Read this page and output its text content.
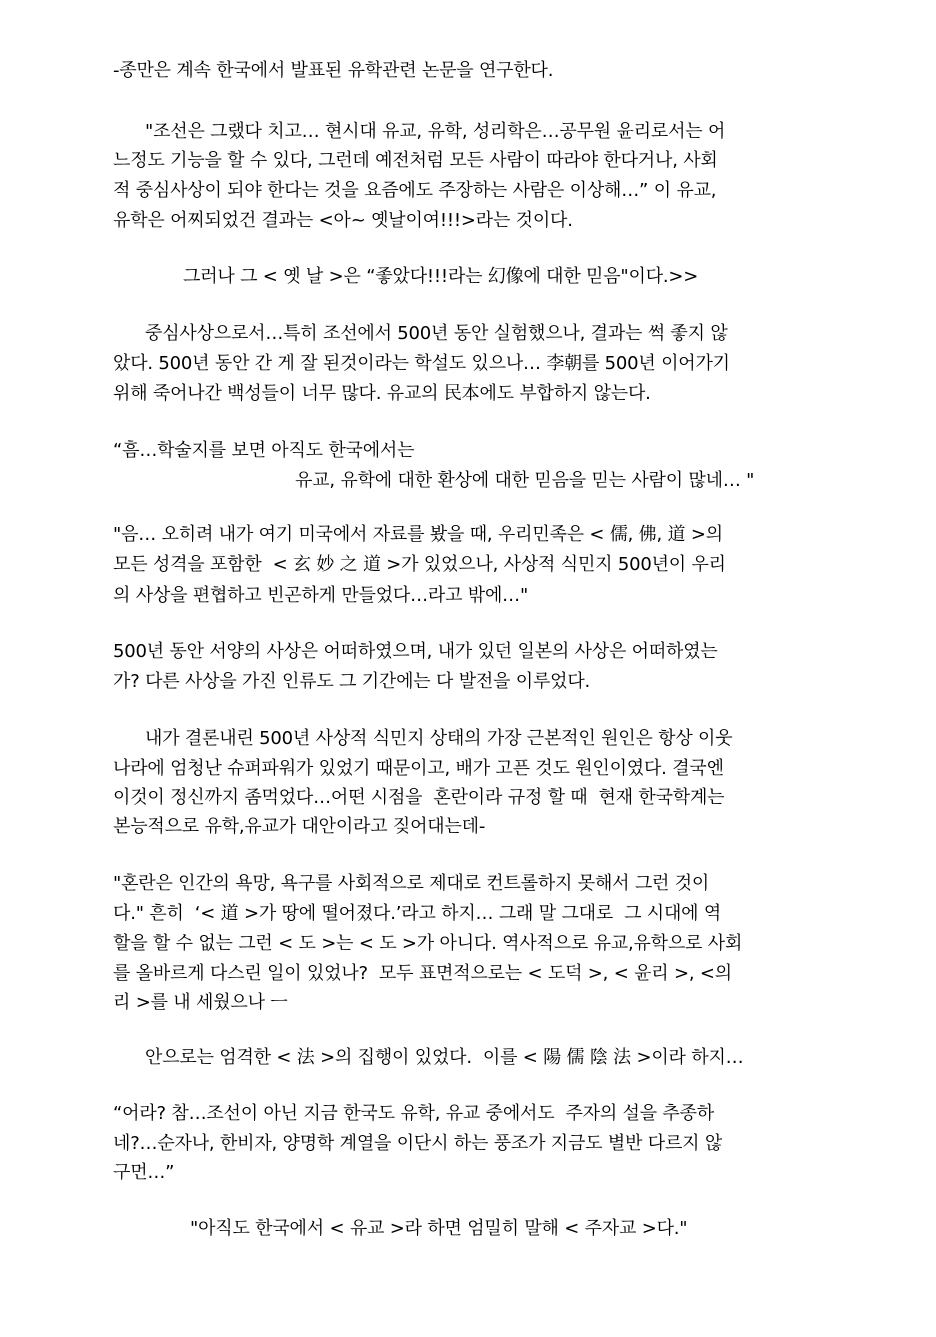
-종만은 계속 한국에서 발표된 유학관련 논문을 연구한다.
"조선은 그랬다 치고… 현시대 유교, 유학, 성리학은…공무원 윤리로서는 어
느정도 기능을 할 수 있다, 그런데 예전처럼 모든 사람이 따라야 한다거나, 사회
적 중심사상이 되야 한다는 것을 요즘에도 주장하는 사람은 이상해…” 이 유교,
유학은 어찌되었건 결과는 <아~ 옛날이여!!!>라는 것이다.
그러나 그 < 옛 날 >은 “좋았다!!!라는 幻像에 대한 믿음"이다.>>
중심사상으로서…특히 조선에서 500년 동안 실험했으나, 결과는 썩 좋지 않
았다. 500년 동안 간 게 잘 된것이라는 학설도 있으나… 李朝를 500년 이어가기
위해 죽어나간 백성들이 너무 많다. 유교의 民本에도 부합하지 않는다.
“흠…학술지를 보면 아직도 한국에서는
유교, 유학에 대한 환상에 대한 믿음을 믿는 사람이 많네… "
"음… 오히려 내가 여기 미국에서 자료를 봤을 때, 우리민족은 < 儒, 佛, 道 >의
모든 성격을 포함한  < 玄 妙 之 道 >가 있었으나, 사상적 식민지 500년이 우리
의 사상을 편협하고 빈곤하게 만들었다…라고 밖에…"
500년 동안 서양의 사상은 어떠하였으며, 내가 있던 일본의 사상은 어떠하였는
가? 다른 사상을 가진 인류도 그 기간에는 다 발전을 이루었다.
내가 결론내린 500년 사상적 식민지 상태의 가장 근본적인 원인은 항상 이웃
나라에 엄청난 슈퍼파워가 있었기 때문이고, 배가 고픈 것도 원인이였다. 결국엔
이것이 정신까지 좀먹었다…어떤 시점을  혼란이라 규정 할 때  현재 한국학계는
본능적으로 유학,유교가 대안이라고 짖어대는데-
"혼란은 인간의 욕망, 욕구를 사회적으로 제대로 컨트롤하지 못해서 그런 것이
다." 흔히  ‘< 道 >가 땅에 떨어졌다.’라고 하지… 그래 말 그대로  그 시대에 역
할을 할 수 없는 그런 < 도 >는 < 도 >가 아니다. 역사적으로 유교,유학으로 사회
를 올바르게 다스린 일이 있었나?  모두 표면적으로는 < 도덕 >, < 윤리 >, <의
리 >를 내 세웠으나 ㅡ
안으로는 엄격한 < 法 >의 집행이 있었다.  이를 < 陽 儒 陰 法 >이라 하지…
“어라? 참…조선이 아닌 지금 한국도 유학, 유교 중에서도  주자의 설을 추종하
네?…순자나, 한비자, 양명학 계열을 이단시 하는 풍조가 지금도 별반 다르지 않
구먼…”
"아직도 한국에서 < 유교 >라 하면 엄밀히 말해 < 주자교 >다."
